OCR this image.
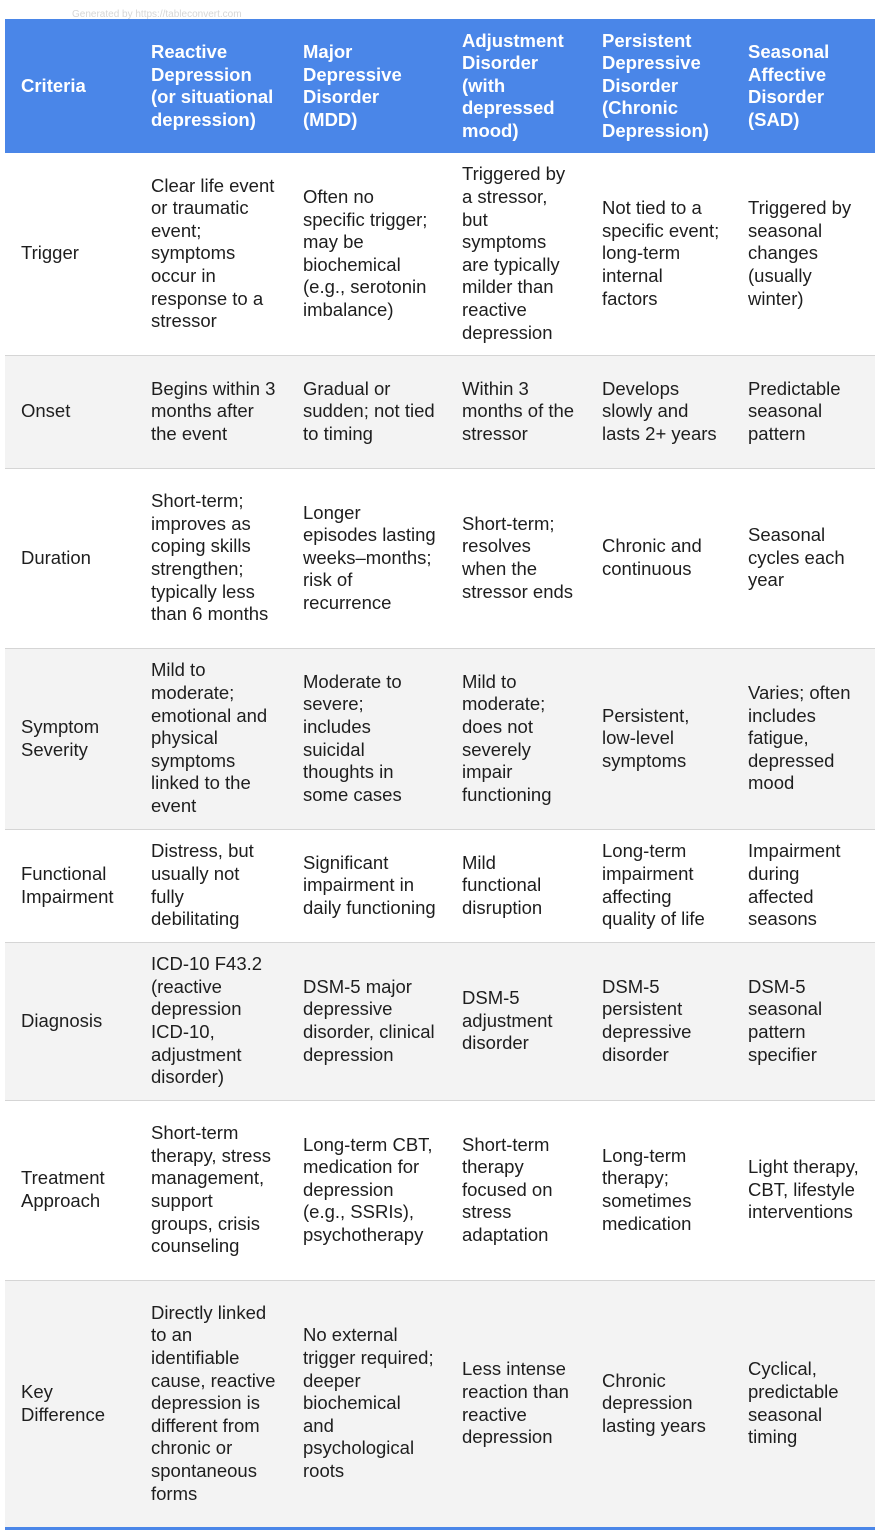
Generated by https://tableconvert.com
Criteria	Reactive Depression (or situational depression)	Major Depressive Disorder (MDD)	Adjustment Disorder (with depressed mood)	Persistent Depressive Disorder (Chronic Depression)	Seasonal Affective Disorder (SAD)
Trigger	Clear life event or traumatic event; symptoms occur in response to a stressor	Often no specific trigger; may be biochemical (e.g., serotonin imbalance)	Triggered by a stressor, but symptoms are typically milder than reactive depression	Not tied to a specific event; long-term internal factors	Triggered by seasonal changes (usually winter)
Onset	Begins within 3 months after the event	Gradual or sudden; not tied to timing	Within 3 months of the stressor	Develops slowly and lasts 2+ years	Predictable seasonal pattern
Duration	Short-term; improves as coping skills strengthen; typically less than 6 months	Longer episodes lasting weeks–months; risk of recurrence	Short-term; resolves when the stressor ends	Chronic and continuous	Seasonal cycles each year
Symptom Severity	Mild to moderate; emotional and physical symptoms linked to the event	Moderate to severe; includes suicidal thoughts in some cases	Mild to moderate; does not severely impair functioning	Persistent, low-level symptoms	Varies; often includes fatigue, depressed mood
Functional Impairment	Distress, but usually not fully debilitating	Significant impairment in daily functioning	Mild functional disruption	Long-term impairment affecting quality of life	Impairment during affected seasons
Diagnosis	ICD-10 F43.2 (reactive depression ICD-10, adjustment disorder)	DSM-5 major depressive disorder, clinical depression	DSM-5 adjustment disorder	DSM-5 persistent depressive disorder	DSM-5 seasonal pattern specifier
Treatment Approach	Short-term therapy, stress management, support groups, crisis counseling	Long-term CBT, medication for depression (e.g., SSRIs), psychotherapy	Short-term therapy focused on stress adaptation	Long-term therapy; sometimes medication	Light therapy, CBT, lifestyle interventions
Key Difference	Directly linked to an identifiable cause, reactive depression is different from chronic or spontaneous forms	No external trigger required; deeper biochemical and psychological roots	Less intense reaction than reactive depression	Chronic depression lasting years	Cyclical, predictable seasonal timing
